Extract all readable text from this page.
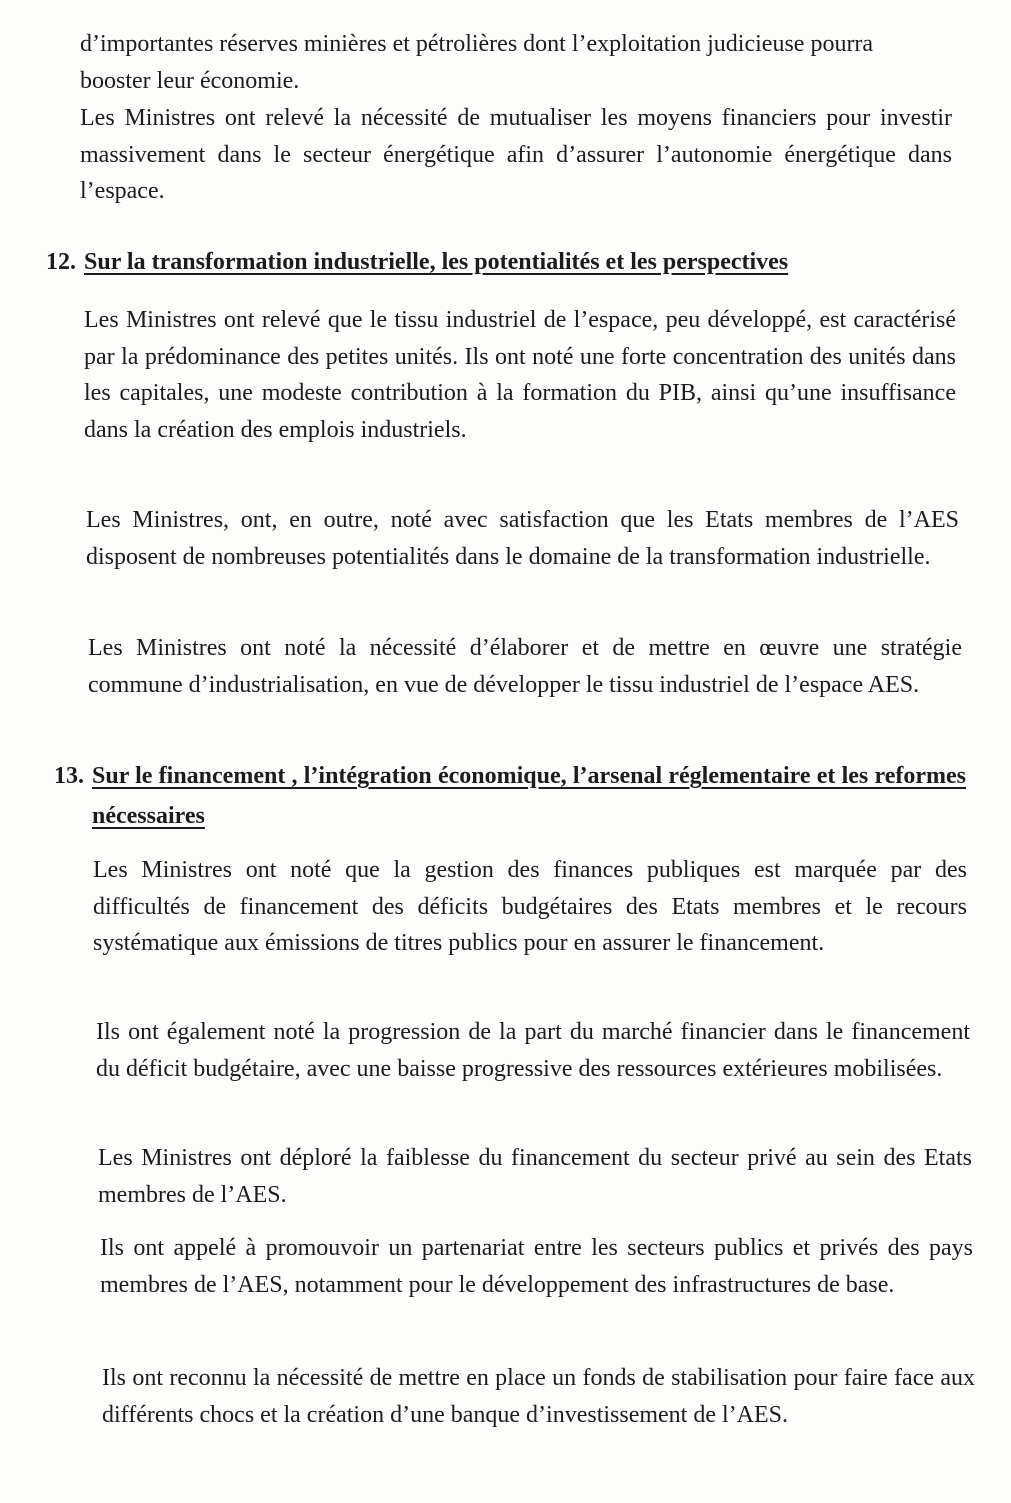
d’importantes réserves minières et pétrolières dont l’exploitation judicieuse pourra booster leur économie.

Les Ministres ont relevé la nécessité de mutualiser les moyens financiers pour investir massivement dans le secteur énergétique afin d’assurer l’autonomie énergétique dans l’espace.

12. Sur la transformation industrielle, les potentialités et les perspectives

Les Ministres ont relevé que le tissu industriel de l’espace, peu développé, est caractérisé par la prédominance des petites unités. Ils ont noté une forte concentration des unités dans les capitales, une modeste contribution à la formation du PIB, ainsi qu’une insuffisance dans la création des emplois industriels.

Les Ministres, ont, en outre, noté avec satisfaction que les Etats membres de l’AES disposent de nombreuses potentialités dans le domaine de la transformation industrielle.

Les Ministres ont noté la nécessité d’élaborer et de mettre en œuvre une stratégie commune d’industrialisation, en vue de développer le tissu industriel de l’espace AES.

13. Sur le financement , l’intégration économique, l’arsenal réglementaire et les reformes nécessaires

Les Ministres ont noté que la gestion des finances publiques est marquée par des difficultés de financement des déficits budgétaires des Etats membres et le recours systématique aux émissions de titres publics pour en assurer le financement.

Ils ont également noté la progression de la part du marché financier dans le financement du déficit budgétaire, avec une baisse progressive des ressources extérieures mobilisées.

Les Ministres ont déploré la faiblesse du financement du secteur privé au sein des Etats membres de l’AES.

Ils ont appelé à promouvoir un partenariat entre les secteurs publics et privés des pays membres de l’AES, notamment pour le développement des infrastructures de base.

Ils ont reconnu la nécessité de mettre en place un fonds de stabilisation pour faire face aux différents chocs et la création d’une banque d’investissement de l’AES.
